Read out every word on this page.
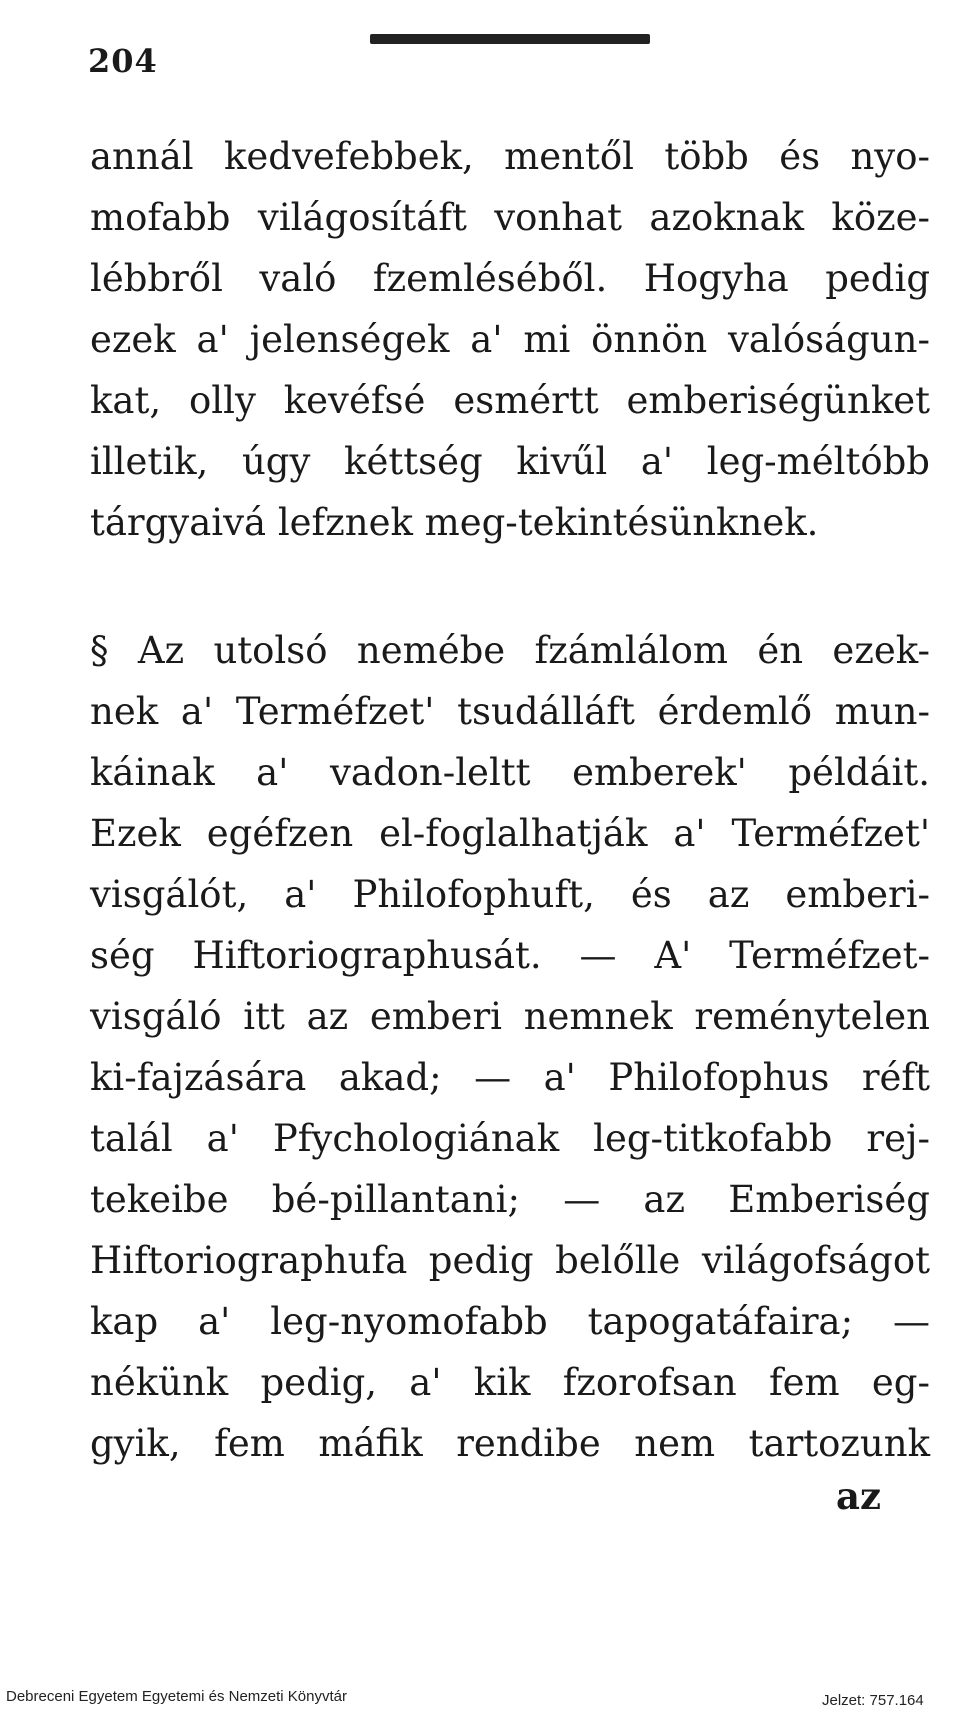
204
annál kedvefebbek, mentől több és nyo-
mofabb világosítáft vonhat azoknak köze-
lébbről való fzemléséből. Hogyha pedig
ezek a' jelenségek a' mi önnön valóságun-
kat, olly kevéfsé esmértt emberiségünket
illetik, úgy kéttség kivűl a' leg-méltóbb
tárgyaivá lefznek meg-tekintésünknek.
§ Az utolsó nemébe fzámlálom én ezek-
nek a' Terméfzet' tsudálláft érdemlő mun-
káinak a' vadon-leltt emberek' példáit.
Ezek egéfzen el-foglalhatják a' Terméfzet'
visgálót, a' Philofophuft, és az emberi-
ség Hiftoriographusát. — A' Terméfzet-
visgáló itt az emberi nemnek reménytelen
ki-fajzására akad; — a' Philofophus réft
talál a' Pfychologiának leg-titkofabb rej-
tekeibe bé-pillantani; — az Emberiség
Hiftoriographufa pedig belőlle világofságot
kap a' leg-nyomofabb tapogatáfaira; —
nékünk pedig, a' kik fzorofsan fem eg-
gyik, fem máfik rendibe nem tartozunk
az
Debreceni Egyetem Egyetemi és Nemzeti Könyvtár	Jelzet: 757.164
